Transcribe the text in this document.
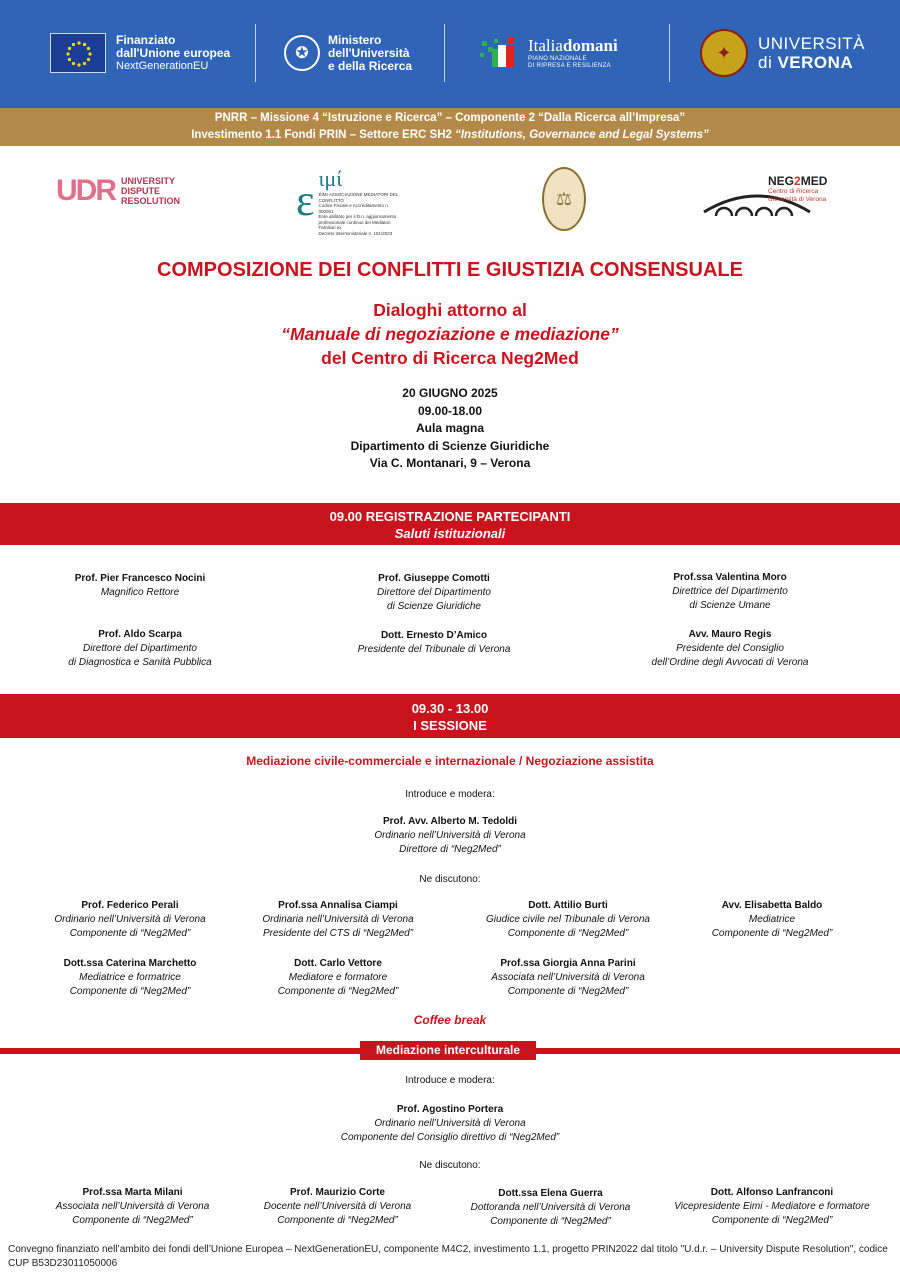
Finanziato
dall'Unione europea
NextGenerationEU
✪
Ministero
dell'Università
e della Ricerca
Italiadomani
PIANO NAZIONALE
DI RIPRESA E RESILIENZA
✦	UNIVERSITÀ
di VERONA
PNRR – Missione 4 “Istruzione e Ricerca” – Componente 2 “Dalla Ricerca all’Impresa”
Investimento 1.1 Fondi PRIN – Settore ERC SH2 “Institutions, Governance and Legal Systems”
UDR UNIVERSITY
DISPUTE
RESOLUTION	ε ιμί
EIMI ASSOCIAZIONE MEDIATORI DEL CONFLITTO
Codice Fiscale e Accreditamento n. 000001
Ente abilitato per il D.n. aggiornamento
professionale continuo dei Mediatori Familiari ex
Decreto Interministeriale n. 151/2023
⚖
NEG2MED
Centro di Ricerca
Università di Verona
COMPOSIZIONE DEI CONFLITTI E GIUSTIZIA CONSENSUALE
Dialoghi attorno al
“Manuale di negoziazione e mediazione”
del Centro di Ricerca Neg2Med
20 GIUGNO 2025
09.00-18.00
Aula magna
Dipartimento di Scienze Giuridiche
Via C. Montanari, 9 – Verona
09.00 REGISTRAZIONE PARTECIPANTI
Saluti istituzionali
Prof. Pier Francesco Nocini
Magnifico Rettore
Prof. Giuseppe Comotti
Direttore del Dipartimento
di Scienze Giuridiche
Prof.ssa Valentina Moro
Direttrice del Dipartimento
di Scienze Umane
Prof. Aldo Scarpa
Direttore del Dipartimento
di Diagnostica e Sanità Pubblica
Dott. Ernesto D’Amico
Presidente del Tribunale di Verona
Avv. Mauro Regis
Presidente del Consiglio
dell’Ordine degli Avvocati di Verona
09.30 - 13.00
I SESSIONE
Mediazione civile-commerciale e internazionale / Negoziazione assistita
Introduce e modera:
Prof. Avv. Alberto M. Tedoldi
Ordinario nell’Università di Verona
Direttore di “Neg2Med”
Ne discutono:
Prof. Federico Perali
Ordinario nell’Università di Verona
Componente di “Neg2Med”
Prof.ssa Annalisa Ciampi
Ordinaria nell’Università di Verona
Presidente del CTS di “Neg2Med”
Dott. Attilio Burti
Giudice civile nel Tribunale di Verona
Componente di “Neg2Med”
Avv. Elisabetta Baldo
Mediatrice
Componente di “Neg2Med”
Dott.ssa Caterina Marchetto
Mediatrice e formatrice
Componente di “Neg2Med”
Dott. Carlo Vettore
Mediatore e formatore
Componente di “Neg2Med”
Prof.ssa Giorgia Anna Parini
Associata nell’Università di Verona
Componente di “Neg2Med”
Coffee break
Mediazione interculturale
Introduce e modera:
Prof. Agostino Portera
Ordinario nell’Università di Verona
Componente del Consiglio direttivo di “Neg2Med”
Ne discutono:
Prof.ssa Marta Milani
Associata nell’Università di Verona
Componente di “Neg2Med”
Prof. Maurizio Corte
Docente nell’Università di Verona
Componente di “Neg2Med”
Dott.ssa Elena Guerra
Dottoranda nell’Università di Verona
Componente di “Neg2Med”
Dott. Alfonso Lanfranconi
Vicepresidente Eimi - Mediatore e formatore
Componente di “Neg2Med”
Convegno finanziato nell’ambito dei fondi dell’Unione Europea – NextGenerationEU, componente M4C2, investimento 1.1, progetto PRIN2022 dal titolo "U.d.r. – University Dispute Resolution", codice CUP B53D23011050006
